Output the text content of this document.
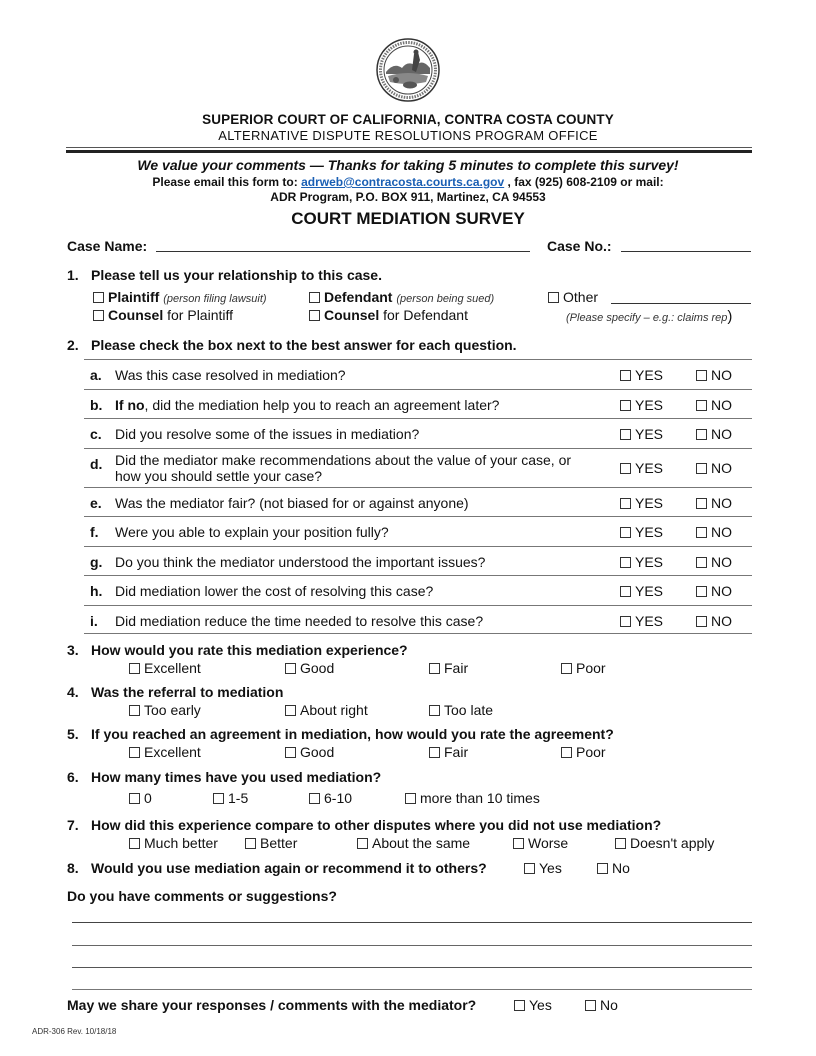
SUPERIOR COURT OF CALIFORNIA, CONTRA COSTA COUNTY
ALTERNATIVE DISPUTE RESOLUTIONS PROGRAM OFFICE
We value your comments — Thanks for taking 5 minutes to complete this survey!
Please email this form to: adrweb@contracosta.courts.ca.gov , fax (925) 608-2109 or mail:
ADR Program, P.O. BOX 911, Martinez, CA 94553
COURT MEDIATION SURVEY
Case Name:	Case No.:
1. Please tell us your relationship to this case.
Plaintiff (person filing lawsuit)	Defendant (person being sued)	Other
Counsel for Plaintiff	Counsel for Defendant	(Please specify – e.g.: claims rep)
2. Please check the box next to the best answer for each question.
a. Was this case resolved in mediation?	YES	NO
b. If no, did the mediation help you to reach an agreement later?	YES	NO
c. Did you resolve some of the issues in mediation?	YES	NO
d. Did the mediator make recommendations about the value of your case, or how you should settle your case?	YES	NO
e. Was the mediator fair? (not biased for or against anyone)	YES	NO
f. Were you able to explain your position fully?	YES	NO
g. Do you think the mediator understood the important issues?	YES	NO
h. Did mediation lower the cost of resolving this case?	YES	NO
i. Did mediation reduce the time needed to resolve this case?	YES	NO
3. How would you rate this mediation experience?
Excellent	Good	Fair	Poor
4. Was the referral to mediation
Too early	About right	Too late
5. If you reached an agreement in mediation, how would you rate the agreement?
Excellent	Good	Fair	Poor
6. How many times have you used mediation?
0	1-5	6-10	more than 10 times
7. How did this experience compare to other disputes where you did not use mediation?
Much better	Better	About the same	Worse	Doesn't apply
8. Would you use mediation again or recommend it to others?	Yes	No
Do you have comments or suggestions?
May we share your responses / comments with the mediator?	Yes	No
ADR-306 Rev. 10/18/18
